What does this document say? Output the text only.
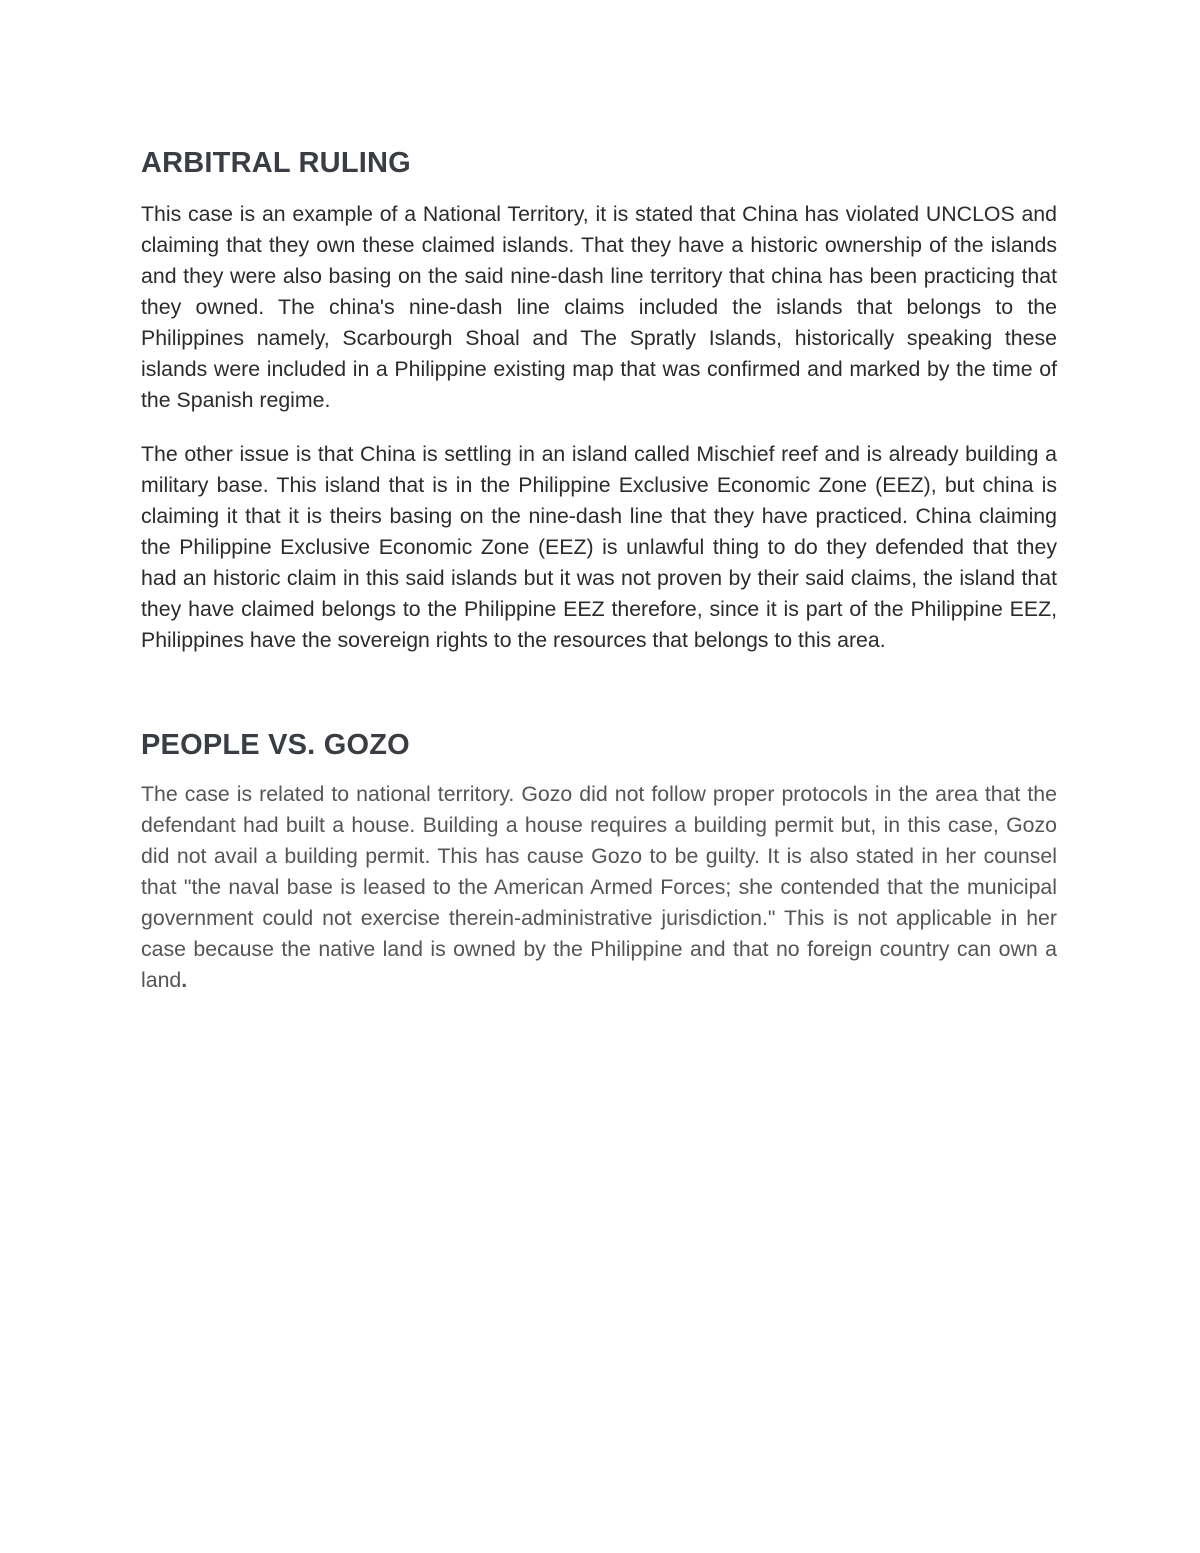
ARBITRAL RULING

This case is an example of a National Territory, it is stated that China has violated UNCLOS and claiming that they own these claimed islands. That they have a historic ownership of the islands and they were also basing on the said nine-dash line territory that china has been practicing that they owned. The china's nine-dash line claims included the islands that belongs to the Philippines namely, Scarbourgh Shoal and The Spratly Islands, historically speaking these islands were included in a Philippine existing map that was confirmed and marked by the time of the Spanish regime.

The other issue is that China is settling in an island called Mischief reef and is already building a military base. This island that is in the Philippine Exclusive Economic Zone (EEZ), but china is claiming it that it is theirs basing on the nine-dash line that they have practiced. China claiming the Philippine Exclusive Economic Zone (EEZ) is unlawful thing to do they defended that they had an historic claim in this said islands but it was not proven by their said claims, the island that they have claimed belongs to the Philippine EEZ therefore, since it is part of the Philippine EEZ, Philippines have the sovereign rights to the resources that belongs to this area.

PEOPLE VS. GOZO

The case is related to national territory. Gozo did not follow proper protocols in the area that the defendant had built a house. Building a house requires a building permit but, in this case, Gozo did not avail a building permit. This has cause Gozo to be guilty. It is also stated in her counsel that "the naval base is leased to the American Armed Forces; she contended that the municipal government could not exercise therein-administrative jurisdiction." This is not applicable in her case because the native land is owned by the Philippine and that no foreign country can own a land.
